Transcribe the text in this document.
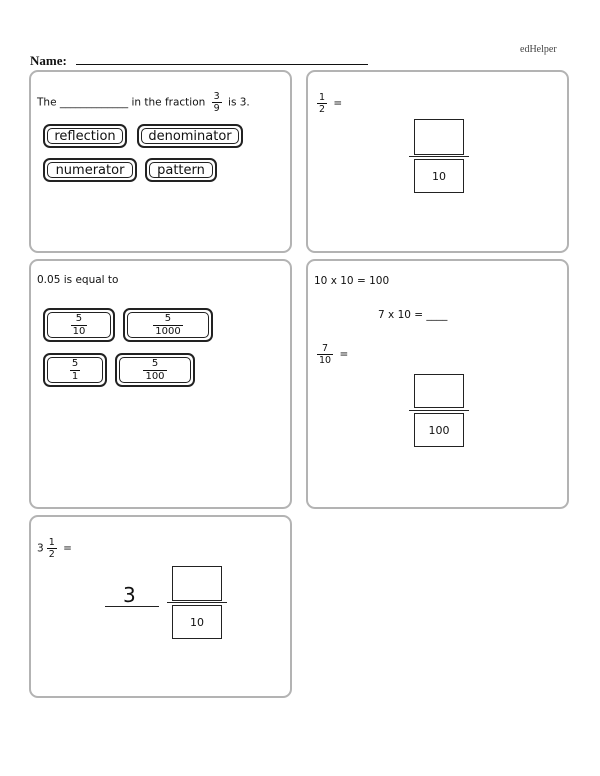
edHelper
Name:
The _____________ in the fraction $\frac{3}{9}$ is 3.
reflection	denominator
numerator	pattern
$\frac{1}{2}$ =
10
0.05 is equal to
$\frac{5}{10}$	$\frac{5}{1000}$
$\frac{5}{1}$	$\frac{5}{100}$
10 x 10 = 100
7 x 10 = ____
$\frac{7}{10}$ =
100
$3 \frac{1}{2}$ =
3
10
